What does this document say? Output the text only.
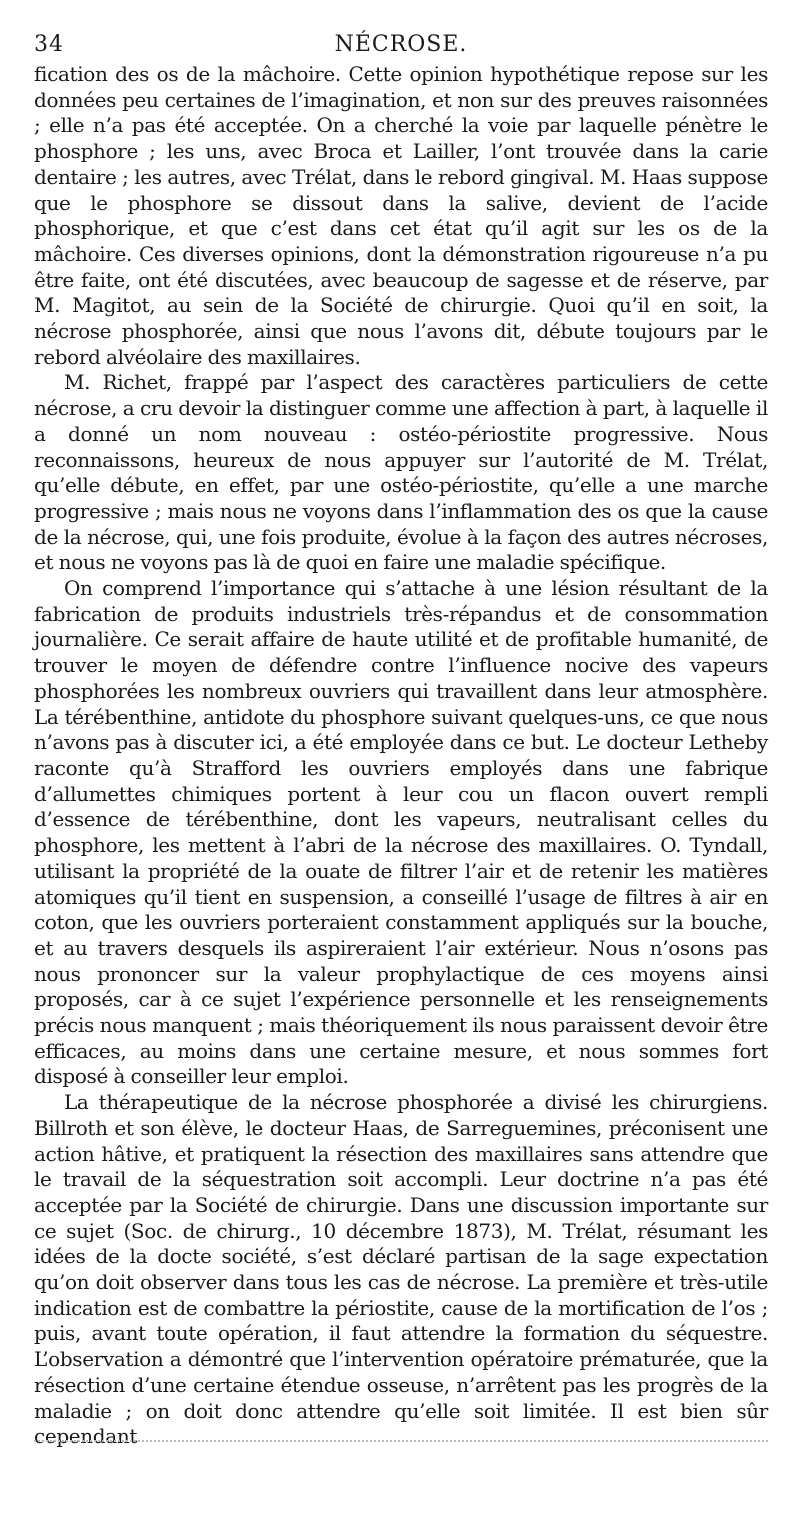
34	NÉCROSE.

fication des os de la mâchoire. Cette opinion hypothétique repose sur les données peu certaines de l’imagination, et non sur des preuves raisonnées ; elle n’a pas été acceptée. On a cherché la voie par laquelle pénètre le phosphore ; les uns, avec Broca et Lailler, l’ont trouvée dans la carie dentaire ; les autres, avec Trélat, dans le rebord gingival. M. Haas suppose que le phosphore se dissout dans la salive, devient de l’acide phosphorique, et que c’est dans cet état qu’il agit sur les os de la mâchoire. Ces diverses opinions, dont la démonstration rigoureuse n’a pu être faite, ont été discutées, avec beaucoup de sagesse et de réserve, par M. Magitot, au sein de la Société de chirurgie. Quoi qu’il en soit, la nécrose phosphorée, ainsi que nous l’avons dit, débute toujours par le rebord alvéolaire des maxillaires.

M. Richet, frappé par l’aspect des caractères particuliers de cette nécrose, a cru devoir la distinguer comme une affection à part, à laquelle il a donné un nom nouveau : ostéo-périostite progressive. Nous reconnaissons, heureux de nous appuyer sur l’autorité de M. Trélat, qu’elle débute, en effet, par une ostéo-périostite, qu’elle a une marche progressive ; mais nous ne voyons dans l’inflammation des os que la cause de la nécrose, qui, une fois produite, évolue à la façon des autres nécroses, et nous ne voyons pas là de quoi en faire une maladie spécifique.

On comprend l’importance qui s’attache à une lésion résultant de la fabrication de produits industriels très-répandus et de consommation journalière. Ce serait affaire de haute utilité et de profitable humanité, de trouver le moyen de défendre contre l’influence nocive des vapeurs phosphorées les nombreux ouvriers qui travaillent dans leur atmosphère. La térébenthine, antidote du phosphore suivant quelques-uns, ce que nous n’avons pas à discuter ici, a été employée dans ce but. Le docteur Letheby raconte qu’à Strafford les ouvriers employés dans une fabrique d’allumettes chimiques portent à leur cou un flacon ouvert rempli d’essence de térébenthine, dont les vapeurs, neutralisant celles du phosphore, les mettent à l’abri de la nécrose des maxillaires. O. Tyndall, utilisant la propriété de la ouate de filtrer l’air et de retenir les matières atomiques qu’il tient en suspension, a conseillé l’usage de filtres à air en coton, que les ouvriers porteraient constamment appliqués sur la bouche, et au travers desquels ils aspireraient l’air extérieur. Nous n’osons pas nous prononcer sur la valeur prophylactique de ces moyens ainsi proposés, car à ce sujet l’expérience personnelle et les renseignements précis nous manquent ; mais théoriquement ils nous paraissent devoir être efficaces, au moins dans une certaine mesure, et nous sommes fort disposé à conseiller leur emploi.

La thérapeutique de la nécrose phosphorée a divisé les chirurgiens. Billroth et son élève, le docteur Haas, de Sarreguemines, préconisent une action hâtive, et pratiquent la résection des maxillaires sans attendre que le travail de la séquestration soit accompli. Leur doctrine n’a pas été acceptée par la Société de chirurgie. Dans une discussion importante sur ce sujet (Soc. de chirurg., 10 décembre 1873), M. Trélat, résumant les idées de la docte société, s’est déclaré partisan de la sage expectation qu’on doit observer dans tous les cas de nécrose. La première et très-utile indication est de combattre la périostite, cause de la mortification de l’os ; puis, avant toute opération, il faut attendre la formation du séquestre. L’observation a démontré que l’intervention opératoire prématurée, que la résection d’une certaine étendue osseuse, n’arrêtent pas les progrès de la maladie ; on doit donc attendre qu’elle soit limitée. Il est bien sûr cependant
